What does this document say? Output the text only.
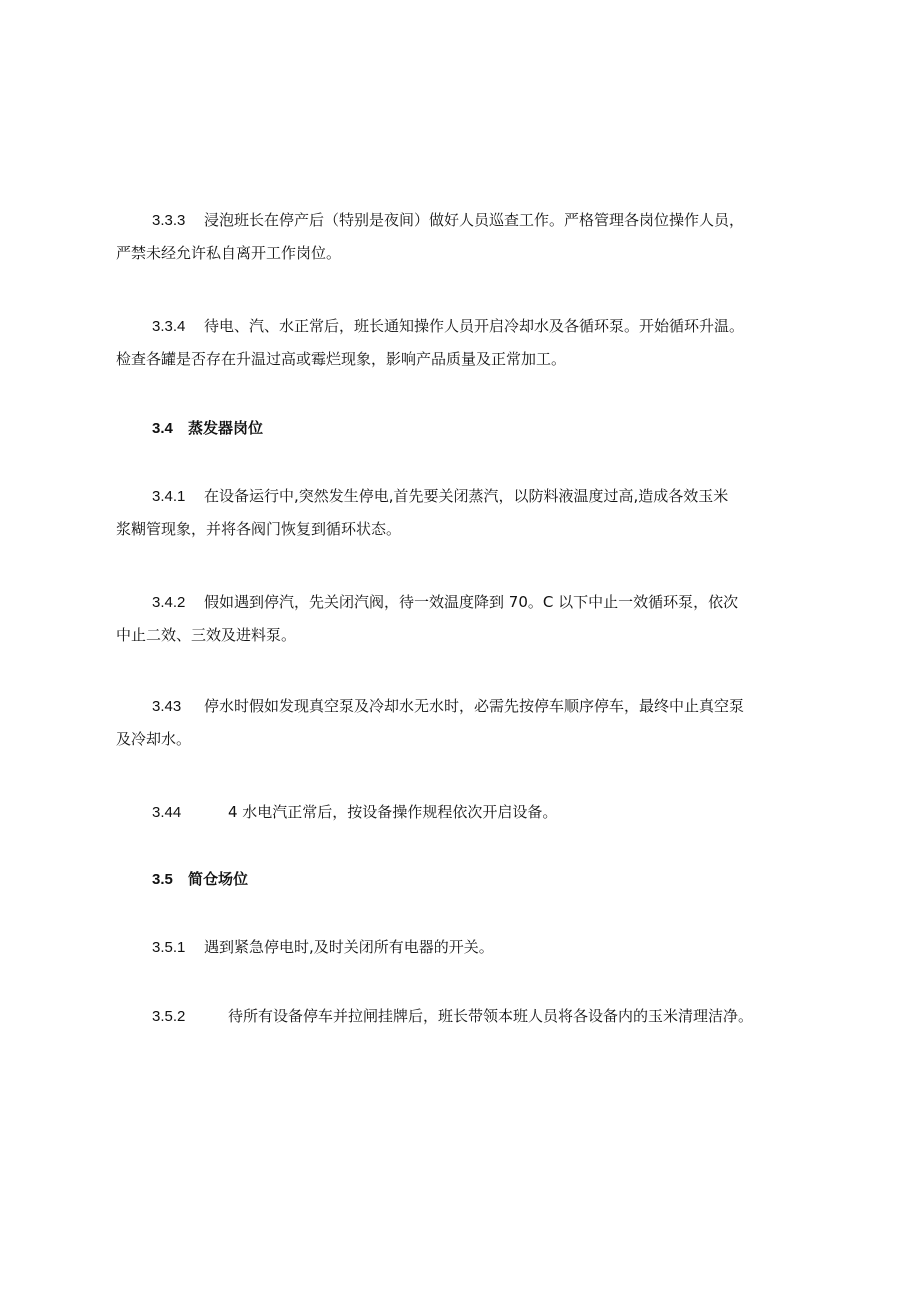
3.3.3 浸泡班长在停产后（特别是夜间）做好人员巡查工作。严格管理各岗位操作人员，
严禁未经允许私自离开工作岗位。

3.3.4 待电、汽、水正常后，班长通知操作人员开启冷却水及各循环泵。开始循环升温。
检查各罐是否存在升温过高或霉烂现象，影响产品质量及正常加工。

3.4 蒸发器岗位

3.4.1 在设备运行中,突然发生停电,首先要关闭蒸汽，以防料液温度过高,造成各效玉米
浆糊管现象，并将各阀门恢复到循环状态。

3.4.2 假如遇到停汽，先关闭汽阀，待一效温度降到 70。C 以下中止一效循环泵，依次
中止二效、三效及进料泵。

3.43 停水时假如发现真空泵及冷却水无水时，必需先按停车顺序停车，最终中止真空泵
及冷却水。

3.44	4 水电汽正常后，按设备操作规程依次开启设备。

3.5 简仓场位

3.5.1 遇到紧急停电时,及时关闭所有电器的开关。

3.5.2	待所有设备停车并拉闸挂牌后，班长带领本班人员将各设备内的玉米清理洁净。
